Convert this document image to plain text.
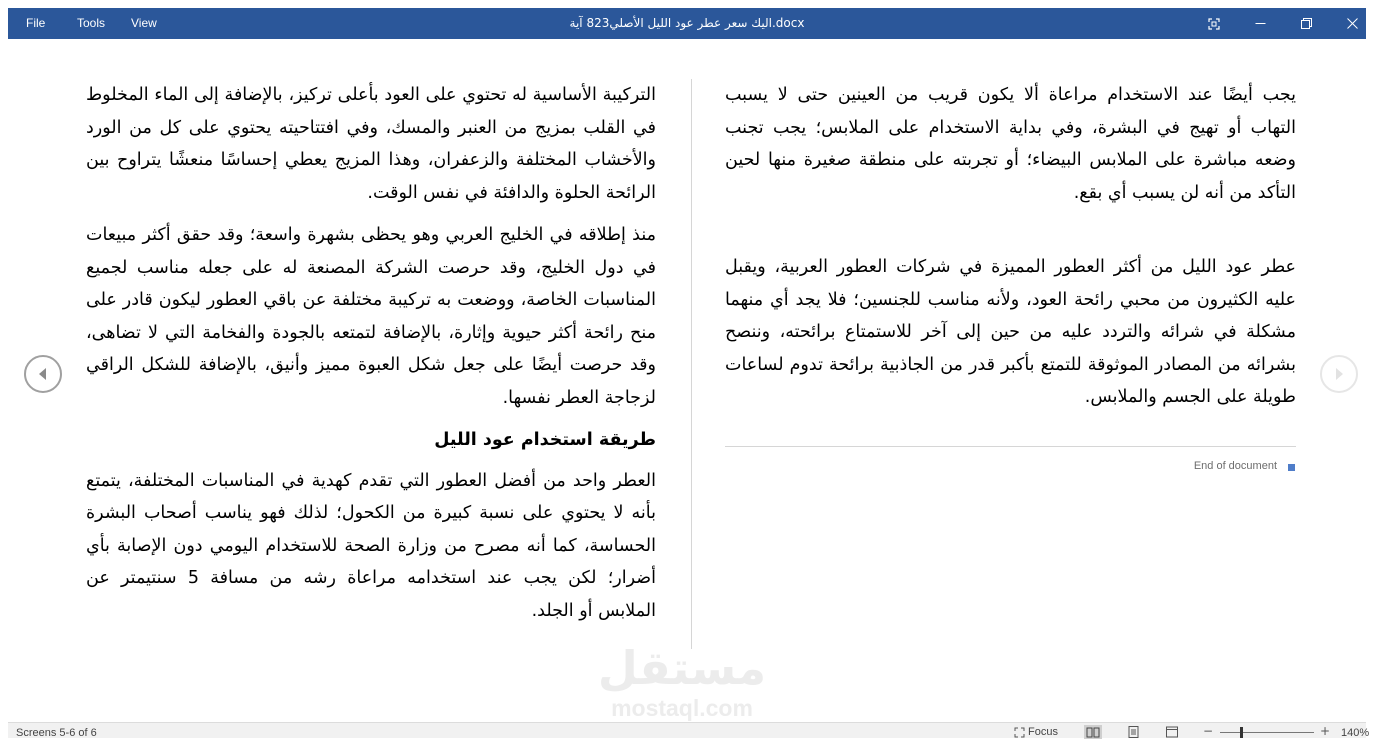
File	Tools View	اليك سعر عطر عود الليل الأصلي823 آية.docx

التركيبة الأساسية له تحتوي على العود بأعلى تركيز، بالإضافة إلى الماء المخلوط في القلب بمزيج من العنبر والمسك، وفي افتتاحيته يحتوي على كل من الورد والأخشاب المختلفة والزعفران، وهذا المزيج يعطي إحساسًا منعشًا يتراوح بين الرائحة الحلوة والدافئة في نفس الوقت.

منذ إطلاقه في الخليج العربي وهو يحظى بشهرة واسعة؛ وقد حقق أكثر مبيعات في دول الخليج، وقد حرصت الشركة المصنعة له على جعله مناسب لجميع المناسبات الخاصة، ووضعت به تركيبة مختلفة عن باقي العطور ليكون قادر على منح رائحة أكثر حيوية وإثارة، بالإضافة لتمتعه بالجودة والفخامة التي لا تضاهى، وقد حرصت أيضًا على جعل شكل العبوة مميز وأنيق، بالإضافة للشكل الراقي لزجاجة العطر نفسها.

طريقة استخدام عود الليل

العطر واحد من أفضل العطور التي تقدم كهدية في المناسبات المختلفة، يتمتع بأنه لا يحتوي على نسبة كبيرة من الكحول؛ لذلك فهو يناسب أصحاب البشرة الحساسة، كما أنه مصرح من وزارة الصحة للاستخدام اليومي دون الإصابة بأي أضرار؛ لكن يجب عند استخدامه مراعاة رشه من مسافة 5 سنتيمتر عن الملابس أو الجلد.

يجب أيضًا عند الاستخدام مراعاة ألا يكون قريب من العينين حتى لا يسبب التهاب أو تهيج في البشرة، وفي بداية الاستخدام على الملابس؛ يجب تجنب وضعه مباشرة على الملابس البيضاء؛ أو تجربته على منطقة صغيرة منها لحين التأكد من أنه لن يسبب أي بقع.

عطر عود الليل من أكثر العطور المميزة في شركات العطور العربية، ويقبل عليه الكثيرون من محبي رائحة العود، ولأنه مناسب للجنسين؛ فلا يجد أي منهما مشكلة في شرائه والتردد عليه من حين إلى آخر للاستمتاع برائحته، وننصح بشرائه من المصادر الموثوقة للتمتع بأكبر قدر من الجاذبية برائحة تدوم لساعات طويلة على الجسم والملابس.

End of document
مستقل
mostaql.com
Screens 5-6 of 6	Focus	−	+ 140%
